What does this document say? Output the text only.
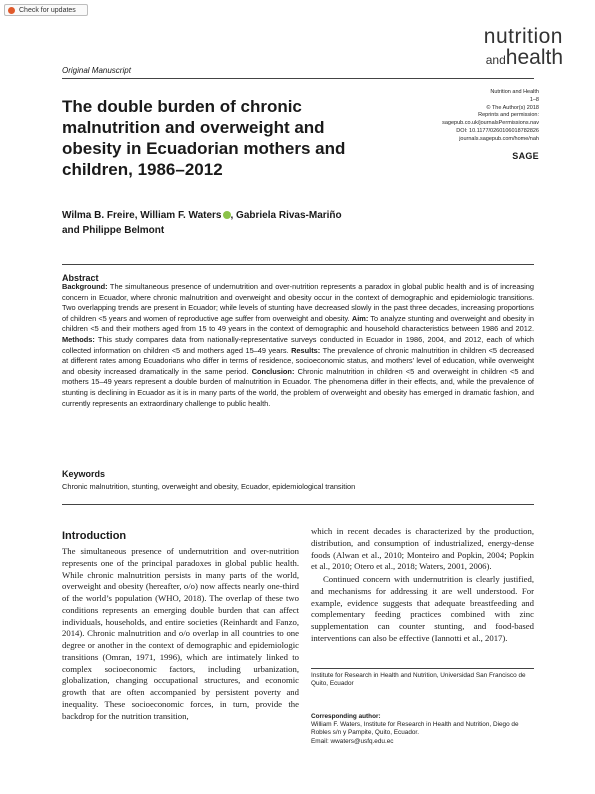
Check for updates
nutrition
andhealth
Original Manuscript
The double burden of chronic malnutrition and overweight and obesity in Ecuadorian mothers and children, 1986–2012
Nutrition and Health
1–8
© The Author(s) 2018
Reprints and permission:
sagepub.co.uk/journalsPermissions.nav
DOI: 10.1177/0260106018782826
journals.sagepub.com/home/nah
SAGE
Wilma B. Freire, William F. Waters , Gabriela Rivas-Mariño
and Philippe Belmont
Abstract
Background: The simultaneous presence of undernutrition and over-nutrition represents a paradox in global public health and is of increasing concern in Ecuador, where chronic malnutrition and overweight and obesity occur in the context of demographic and epidemiologic transitions. Two overlapping trends are present in Ecuador; while levels of stunting have decreased slowly in the past three decades, increasing proportions of children <5 years and women of reproductive age suffer from overweight and obesity. Aim: To analyze stunting and overweight and obesity in children <5 and their mothers aged from 15 to 49 years in the context of demographic and household characteristics between 1986 and 2012. Methods: This study compares data from nationally-representative surveys conducted in Ecuador in 1986, 2004, and 2012, each of which collected information on children <5 and mothers aged 15–49 years. Results: The prevalence of chronic malnutrition in children <5 decreased at different rates among Ecuadorians who differ in terms of residence, socioeconomic status, and mothers’ level of education, while overweight and obesity increased dramatically in the same period. Conclusion: Chronic malnutrition in children <5 and overweight in children <5 and mothers 15–49 years represent a double burden of malnutrition in Ecuador. The phenomena differ in their effects, and, while the prevalence of stunting is declining in Ecuador as it is in many parts of the world, the problem of overweight and obesity has emerged in dramatic fashion, and currently represents an extraordinary challenge to public health.
Keywords
Chronic malnutrition, stunting, overweight and obesity, Ecuador, epidemiological transition
Introduction
The simultaneous presence of undernutrition and over-nutrition represents one of the principal paradoxes in global public health. While chronic malnutrition persists in many parts of the world, overweight and obesity (hereafter, o/o) now affects nearly one-third of the world’s population (WHO, 2018). The overlap of these two conditions represents an emerging double burden that can affect individuals, households, and entire societies (Reinhardt and Fanzo, 2014). Chronic malnutrition and o/o overlap in all countries to one degree or another in the context of demographic and epidemiologic transitions (Omran, 1971, 1996), which are intimately linked to complex socioeconomic factors, including urbanization, globalization, changing occupational structures, and economic growth that are often accompanied by persistent poverty and inequality. These socioeconomic forces, in turn, provide the backdrop for the nutrition transition,

which in recent decades is characterized by the production, distribution, and consumption of industrialized, energy-dense foods (Alwan et al., 2010; Monteiro and Popkin, 2004; Popkin et al., 2010; Otero et al., 2018; Waters, 2001, 2006).

Continued concern with undernutrition is clearly justified, and mechanisms for addressing it are well understood. For example, evidence suggests that adequate breastfeeding and complementary feeding practices combined with zinc supplementation can counter stunting, and food-based interventions can also be effective (Iannotti et al., 2017).

Institute for Research in Health and Nutrition, Universidad San Francisco de Quito, Ecuador
Corresponding author:
William F. Waters, Institute for Research in Health and Nutrition, Diego de Robles s/n y Pampite, Quito, Ecuador.
Email: wwaters@usfq.edu.ec
